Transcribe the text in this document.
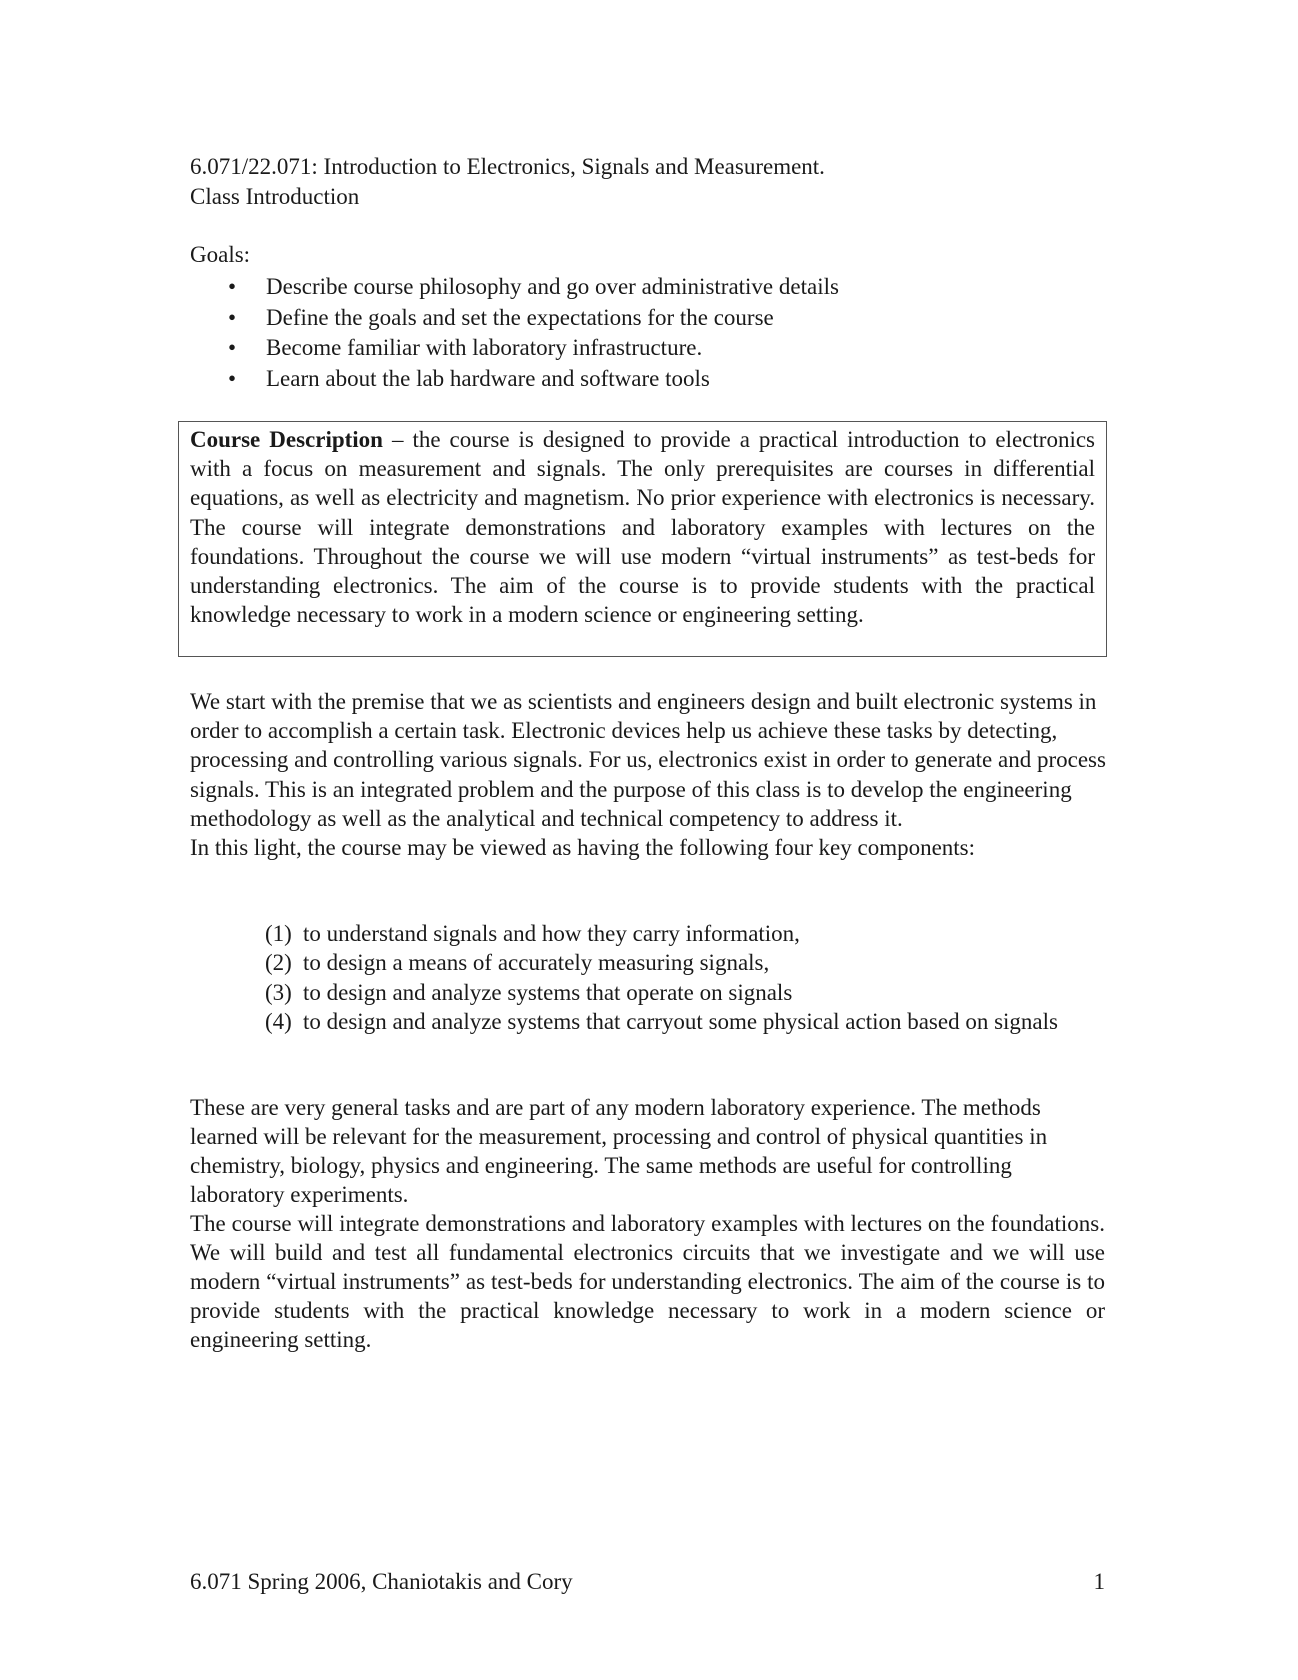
6.071/22.071: Introduction to Electronics, Signals and Measurement.
Class Introduction
Goals:
• Describe course philosophy and go over administrative details
• Define the goals and set the expectations for the course
• Become familiar with laboratory infrastructure.
• Learn about the lab hardware and software tools
Course Description – the course is designed to provide a practical introduction to electronics with a focus on measurement and signals. The only prerequisites are courses in differential equations, as well as electricity and magnetism. No prior experience with electronics is necessary. The course will integrate demonstrations and laboratory examples with lectures on the foundations. Throughout the course we will use modern “virtual instruments” as test-beds for understanding electronics. The aim of the course is to provide students with the practical knowledge necessary to work in a modern science or engineering setting.
We start with the premise that we as scientists and engineers design and built electronic systems in order to accomplish a certain task. Electronic devices help us achieve these tasks by detecting, processing and controlling various signals. For us, electronics exist in order to generate and process signals. This is an integrated problem and the purpose of this class is to develop the engineering methodology as well as the analytical and technical competency to address it.
In this light, the course may be viewed as having the following four key components:
(1) to understand signals and how they carry information,
(2) to design a means of accurately measuring signals,
(3) to design and analyze systems that operate on signals
(4) to design and analyze systems that carryout some physical action based on signals
These are very general tasks and are part of any modern laboratory experience. The methods learned will be relevant for the measurement, processing and control of physical quantities in chemistry, biology, physics and engineering. The same methods are useful for controlling laboratory experiments.
The course will integrate demonstrations and laboratory examples with lectures on the foundations. We will build and test all fundamental electronics circuits that we investigate and we will use modern “virtual instruments” as test-beds for understanding electronics. The aim of the course is to provide students with the practical knowledge necessary to work in a modern science or engineering setting.
6.071 Spring 2006, Chaniotakis and Cory	1
